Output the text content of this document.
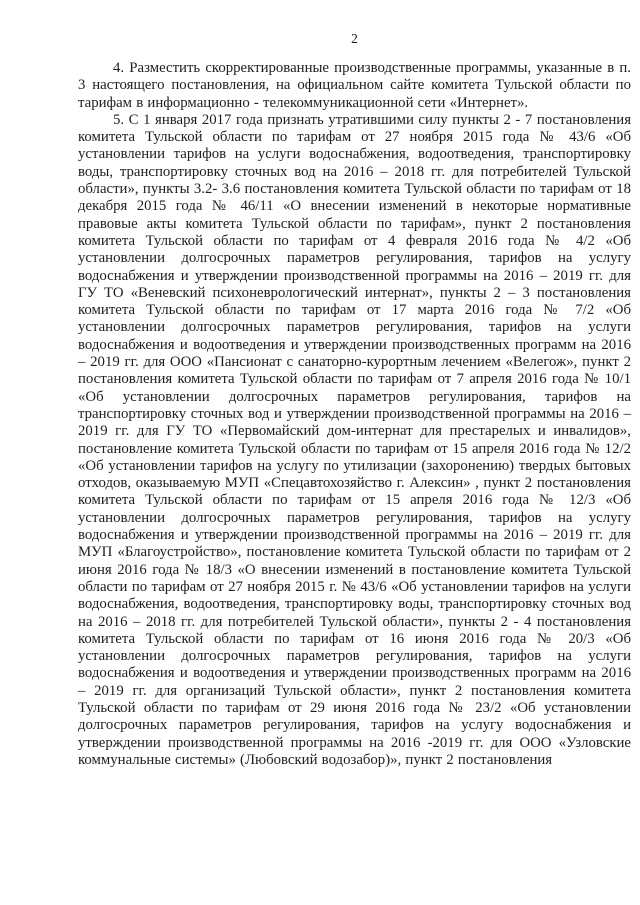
2

4. Разместить скорректированные производственные программы, указанные в п. 3 настоящего постановления, на официальном сайте комитета Тульской области по тарифам в информационно - телекоммуникационной сети «Интернет».

5. С 1 января 2017 года признать утратившими силу пункты 2 - 7 постановления комитета Тульской области по тарифам от 27 ноября 2015 года № 43/6 «Об установлении тарифов на услуги водоснабжения, водоотведения, транспортировку воды, транспортировку сточных вод на 2016 – 2018 гг. для потребителей Тульской области», пункты 3.2- 3.6 постановления комитета Тульской области по тарифам от 18 декабря 2015 года № 46/11 «О внесении изменений в некоторые нормативные правовые акты комитета Тульской области по тарифам», пункт 2 постановления комитета Тульской области по тарифам от 4 февраля 2016 года № 4/2 «Об установлении долгосрочных параметров регулирования, тарифов на услугу водоснабжения и утверждении производственной программы на 2016 – 2019 гг. для ГУ ТО «Веневский психоневрологический интернат», пункты 2 – 3 постановления комитета Тульской области по тарифам от 17 марта 2016 года № 7/2 «Об установлении долгосрочных параметров регулирования, тарифов на услуги водоснабжения и водоотведения и утверждении производственных программ на 2016 – 2019 гг. для ООО «Пансионат с санаторно-курортным лечением «Велегож», пункт 2 постановления комитета Тульской области по тарифам от 7 апреля 2016 года № 10/1 «Об установлении долгосрочных параметров регулирования, тарифов на транспортировку сточных вод и утверждении производственной программы на 2016 – 2019 гг. для ГУ ТО «Первомайский дом-интернат для престарелых и инвалидов», постановление комитета Тульской области по тарифам от 15 апреля 2016 года № 12/2 «Об установлении тарифов на услугу по утилизации (захоронению) твердых бытовых отходов, оказываемую МУП «Спецавтохозяйство г. Алексин» , пункт 2 постановления комитета Тульской области по тарифам от 15 апреля 2016 года № 12/3 «Об установлении долгосрочных параметров регулирования, тарифов на услугу водоснабжения и утверждении производственной программы на 2016 – 2019 гг. для МУП «Благоустройство», постановление комитета Тульской области по тарифам от 2 июня 2016 года № 18/3 «О внесении изменений в постановление комитета Тульской области по тарифам от 27 ноября 2015 г. № 43/6 «Об установлении тарифов на услуги водоснабжения, водоотведения, транспортировку воды, транспортировку сточных вод на 2016 – 2018 гг. для потребителей Тульской области», пункты 2 - 4 постановления комитета Тульской области по тарифам от 16 июня 2016 года № 20/3 «Об установлении долгосрочных параметров регулирования, тарифов на услуги водоснабжения и водоотведения и утверждении производственных программ на 2016 – 2019 гг. для организаций Тульской области», пункт 2 постановления комитета Тульской области по тарифам от 29 июня 2016 года № 23/2 «Об установлении долгосрочных параметров регулирования, тарифов на услугу водоснабжения и утверждении производственной программы на 2016 -2019 гг. для ООО «Узловские коммунальные системы» (Любовский водозабор)», пункт 2 постановления
